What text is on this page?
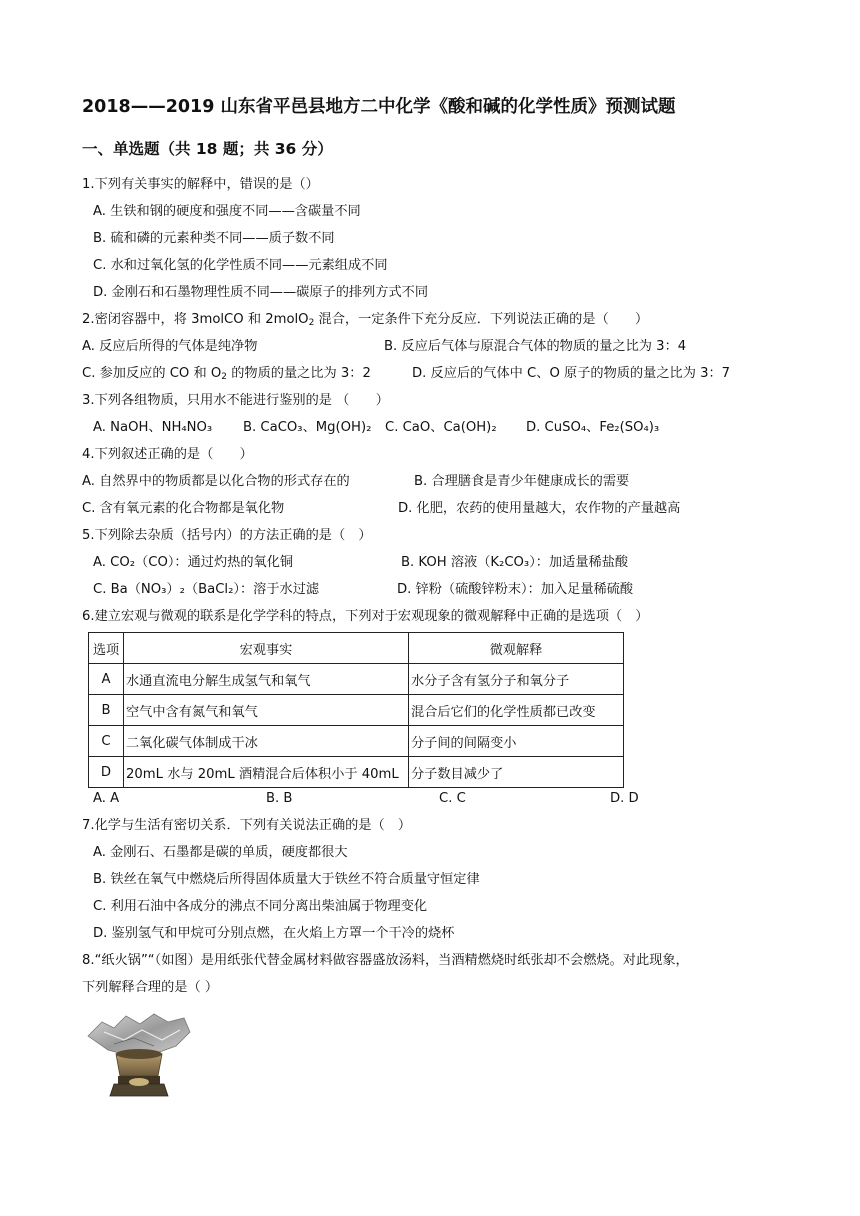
2018——2019 山东省平邑县地方二中化学《酸和碱的化学性质》预测试题
一、单选题（共 18 题；共 36 分）
1.下列有关事实的解释中，错误的是（）
A. 生铁和钢的硬度和强度不同——含碳量不同
B. 硫和磷的元素种类不同——质子数不同
C. 水和过氧化氢的化学性质不同——元素组成不同
D. 金刚石和石墨物理性质不同——碳原子的排列方式不同
2.密闭容器中，将 3molCO 和 2molO$_2$ 混合，一定条件下充分反应．下列说法正确的是（　　）
A. 反应后所得的气体是纯净物	B. 反应后气体与原混合气体的物质的量之比为 3：4
C. 参加反应的 CO 和 $O_2$ 的物质的量之比为 3：2	D. 反应后的气体中 C、O 原子的物质的量之比为 3：7
3.下列各组物质，只用水不能进行鉴别的是 （　　）
A. NaOH、NH₄NO₃ B. CaCO₃、Mg(OH)₂ C. CaO、Ca(OH)₂ D. CuSO₄、Fe₂(SO₄)₃
4.下列叙述正确的是（　　）
A. 自然界中的物质都是以化合物的形式存在的	B. 合理膳食是青少年健康成长的需要
C. 含有氧元素的化合物都是氧化物	D. 化肥，农药的使用量越大，农作物的产量越高
5.下列除去杂质（括号内）的方法正确的是（　）
A. CO₂（CO）：通过灼热的氧化铜	B. KOH 溶液（K₂CO₃）：加适量稀盐酸
C. Ba（NO₃）₂（BaCl₂）：溶于水过滤	D. 锌粉（硫酸锌粉末）：加入足量稀硫酸
6.建立宏观与微观的联系是化学学科的特点，下列对于宏观现象的微观解释中正确的是选项（　）
选项	宏观事实	微观解释
A	水通直流电分解生成氢气和氧气	水分子含有氢分子和氧分子
B	空气中含有氮气和氧气	混合后它们的化学性质都已改变
C	二氧化碳气体制成干冰	分子间的间隔变小
D	20mL 水与 20mL 酒精混合后体积小于 40mL	分子数目减少了
A. A	B. B	C. C	D. D
7.化学与生活有密切关系．下列有关说法正确的是（　）
A. 金刚石、石墨都是碳的单质，硬度都很大
B. 铁丝在氧气中燃烧后所得固体质量大于铁丝不符合质量守恒定律
C. 利用石油中各成分的沸点不同分离出柴油属于物理变化
D. 鉴别氢气和甲烷可分别点燃，在火焰上方罩一个干冷的烧杯
8.“纸火锅”“（如图）是用纸张代替金属材料做容器盛放汤料，当酒精燃烧时纸张却不会燃烧。对此现象，
下列解释合理的是（ ）
